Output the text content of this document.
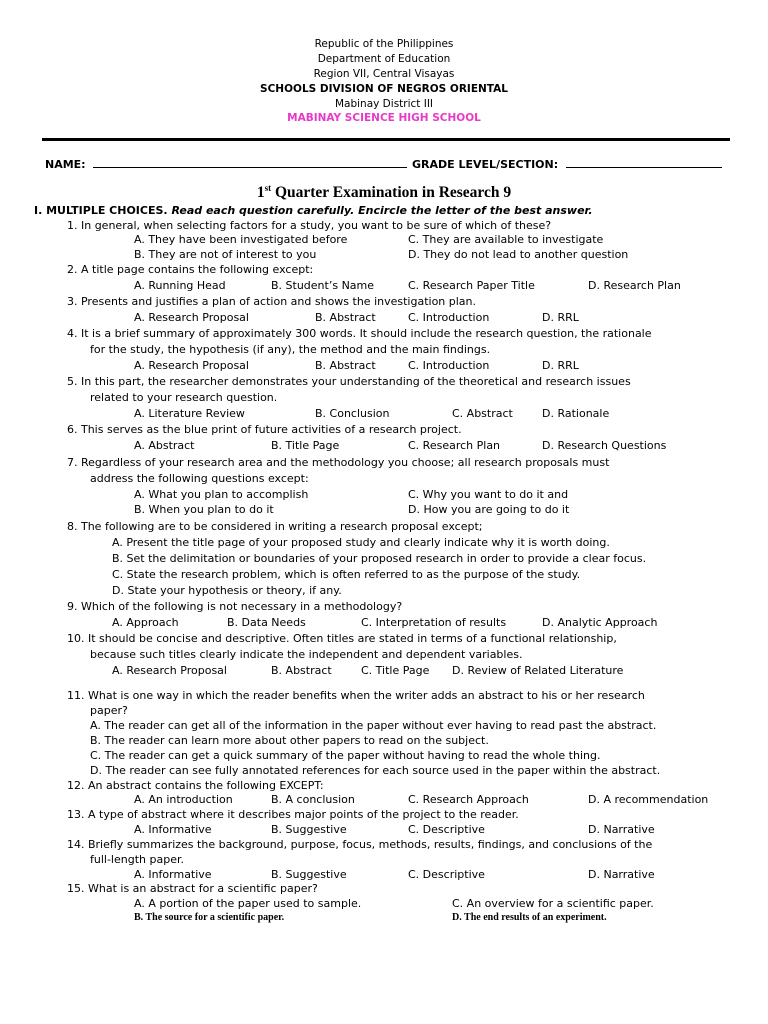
Republic of the Philippines
Department of Education
Region VII, Central Visayas
SCHOOLS DIVISION OF NEGROS ORIENTAL
Mabinay District III
MABINAY SCIENCE HIGH SCHOOL
NAME:	GRADE LEVEL/SECTION:
1st Quarter Examination in Research 9
I. MULTIPLE CHOICES. Read each question carefully. Encircle the letter of the best answer.
1. In general, when selecting factors for a study, you want to be sure of which of these?
A. They have been investigated before	C. They are available to investigate
B. They are not of interest to you	D. They do not lead to another question
2. A title page contains the following except:
A. Running Head	B. Student’s Name	C. Research Paper Title	D. Research Plan
3. Presents and justifies a plan of action and shows the investigation plan.
A. Research Proposal	B. Abstract	C. Introduction	D. RRL
4. It is a brief summary of approximately 300 words. It should include the research question, the rationale
for the study, the hypothesis (if any), the method and the main findings.
A. Research Proposal	B. Abstract	C. Introduction	D. RRL
5. In this part, the researcher demonstrates your understanding of the theoretical and research issues
related to your research question.
A. Literature Review	B. Conclusion	C. Abstract	D. Rationale
6. This serves as the blue print of future activities of a research project.
A. Abstract	B. Title Page	C. Research Plan	D. Research Questions
7. Regardless of your research area and the methodology you choose; all research proposals must
address the following questions except:
A. What you plan to accomplish	C. Why you want to do it and
B. When you plan to do it	D. How you are going to do it
8. The following are to be considered in writing a research proposal except;
A. Present the title page of your proposed study and clearly indicate why it is worth doing.
B. Set the delimitation or boundaries of your proposed research in order to provide a clear focus.
C. State the research problem, which is often referred to as the purpose of the study.
D. State your hypothesis or theory, if any.
9. Which of the following is not necessary in a methodology?
A. Approach	B. Data Needs	C. Interpretation of results	D. Analytic Approach
10. It should be concise and descriptive. Often titles are stated in terms of a functional relationship,
because such titles clearly indicate the independent and dependent variables.
A. Research Proposal	B. Abstract	C. Title Page D. Review of Related Literature
11. What is one way in which the reader benefits when the writer adds an abstract to his or her research
paper?
A. The reader can get all of the information in the paper without ever having to read past the abstract.
B. The reader can learn more about other papers to read on the subject.
C. The reader can get a quick summary of the paper without having to read the whole thing.
D. The reader can see fully annotated references for each source used in the paper within the abstract.
12. An abstract contains the following EXCEPT:
A. An introduction	B. A conclusion	C. Research Approach	D. A recommendation
13. A type of abstract where it describes major points of the project to the reader.
A. Informative	B. Suggestive	C. Descriptive	D. Narrative
14. Briefly summarizes the background, purpose, focus, methods, results, findings, and conclusions of the
full-length paper.
A. Informative	B. Suggestive	C. Descriptive	D. Narrative
15. What is an abstract for a scientific paper?
A. A portion of the paper used to sample.	C. An overview for a scientific paper.
B. The source for a scientific paper.	D. The end results of an experiment.
